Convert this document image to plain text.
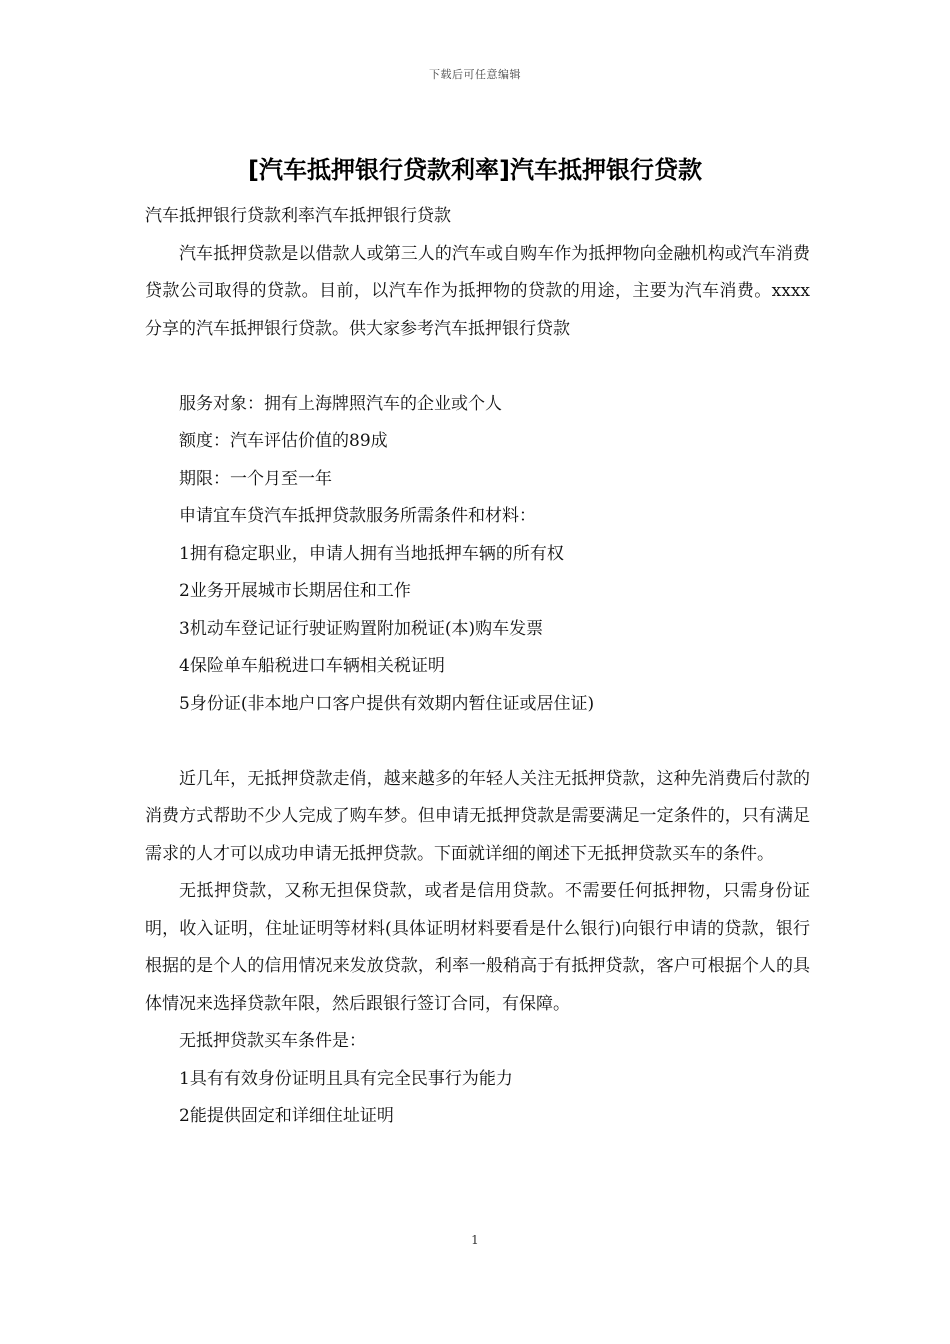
下载后可任意编辑
[汽车抵押银行贷款利率]汽车抵押银行贷款

汽车抵押银行贷款利率汽车抵押银行贷款

汽车抵押贷款是以借款人或第三人的汽车或自购车作为抵押物向金融机构或汽车消费贷款公司取得的贷款。目前，以汽车作为抵押物的贷款的用途，主要为汽车消费。xxxx分享的汽车抵押银行贷款。供大家参考汽车抵押银行贷款

服务对象：拥有上海牌照汽车的企业或个人

额度：汽车评估价值的89成

期限：一个月至一年

申请宜车贷汽车抵押贷款服务所需条件和材料：

1拥有稳定职业，申请人拥有当地抵押车辆的所有权

2业务开展城市长期居住和工作

3机动车登记证行驶证购置附加税证(本)购车发票

4保险单车船税进口车辆相关税证明

5身份证(非本地户口客户提供有效期内暂住证或居住证)

近几年，无抵押贷款走俏，越来越多的年轻人关注无抵押贷款，这种先消费后付款的消费方式帮助不少人完成了购车梦。但申请无抵押贷款是需要满足一定条件的，只有满足需求的人才可以成功申请无抵押贷款。下面就详细的阐述下无抵押贷款买车的条件。

无抵押贷款，又称无担保贷款，或者是信用贷款。不需要任何抵押物，只需身份证明，收入证明，住址证明等材料(具体证明材料要看是什么银行)向银行申请的贷款，银行根据的是个人的信用情况来发放贷款，利率一般稍高于有抵押贷款，客户可根据个人的具体情况来选择贷款年限，然后跟银行签订合同，有保障。

无抵押贷款买车条件是：

1具有有效身份证明且具有完全民事行为能力

2能提供固定和详细住址证明

1
